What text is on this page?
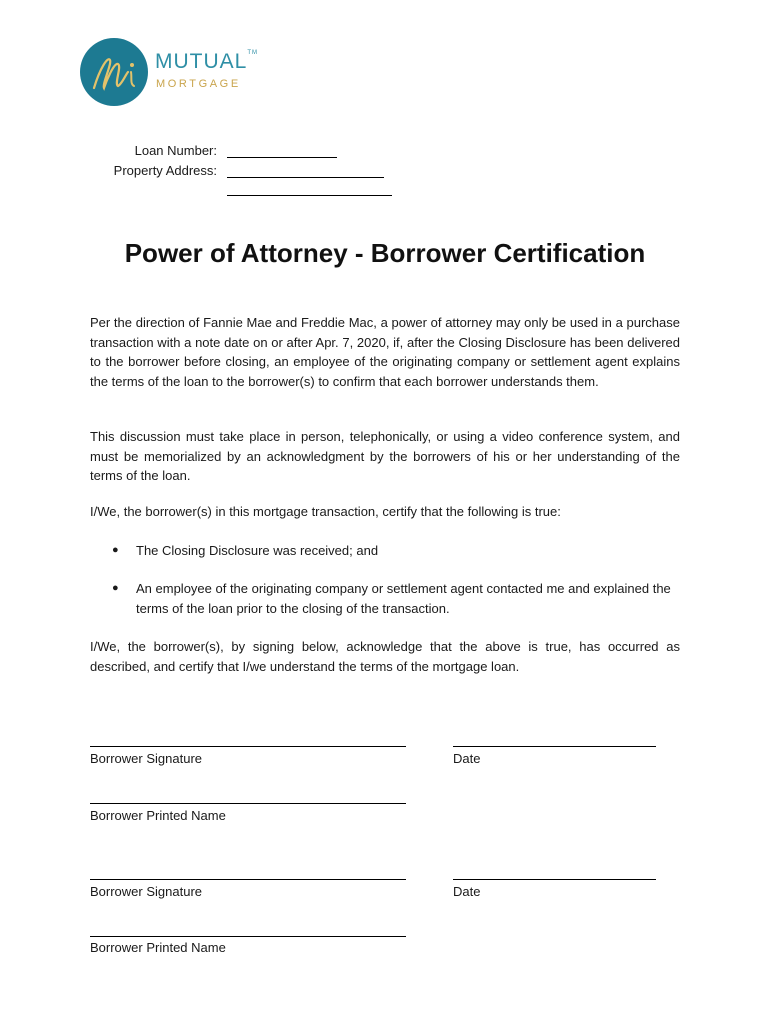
MUTUAL™
MORTGAGE
Loan Number:
Property Address:
Power of Attorney - Borrower Certification

Per the direction of Fannie Mae and Freddie Mac, a power of attorney may only be used in a purchase transaction with a note date on or after Apr. 7, 2020, if, after the Closing Disclosure has been delivered to the borrower before closing, an employee of the originating company or settlement agent explains the terms of the loan to the borrower(s) to confirm that each borrower understands them.

This discussion must take place in person, telephonically, or using a video conference system, and must be memorialized by an acknowledgment by the borrowers of his or her understanding of the terms of the loan.

I/We, the borrower(s) in this mortgage transaction, certify that the following is true:

● The Closing Disclosure was received; and
● An employee of the originating company or settlement agent contacted me and explained the terms of the loan prior to the closing of the transaction.

I/We, the borrower(s), by signing below, acknowledge that the above is true, has occurred as described, and certify that I/we understand the terms of the mortgage loan.

Borrower Signature	Date
Borrower Printed Name
Borrower Signature	Date
Borrower Printed Name
